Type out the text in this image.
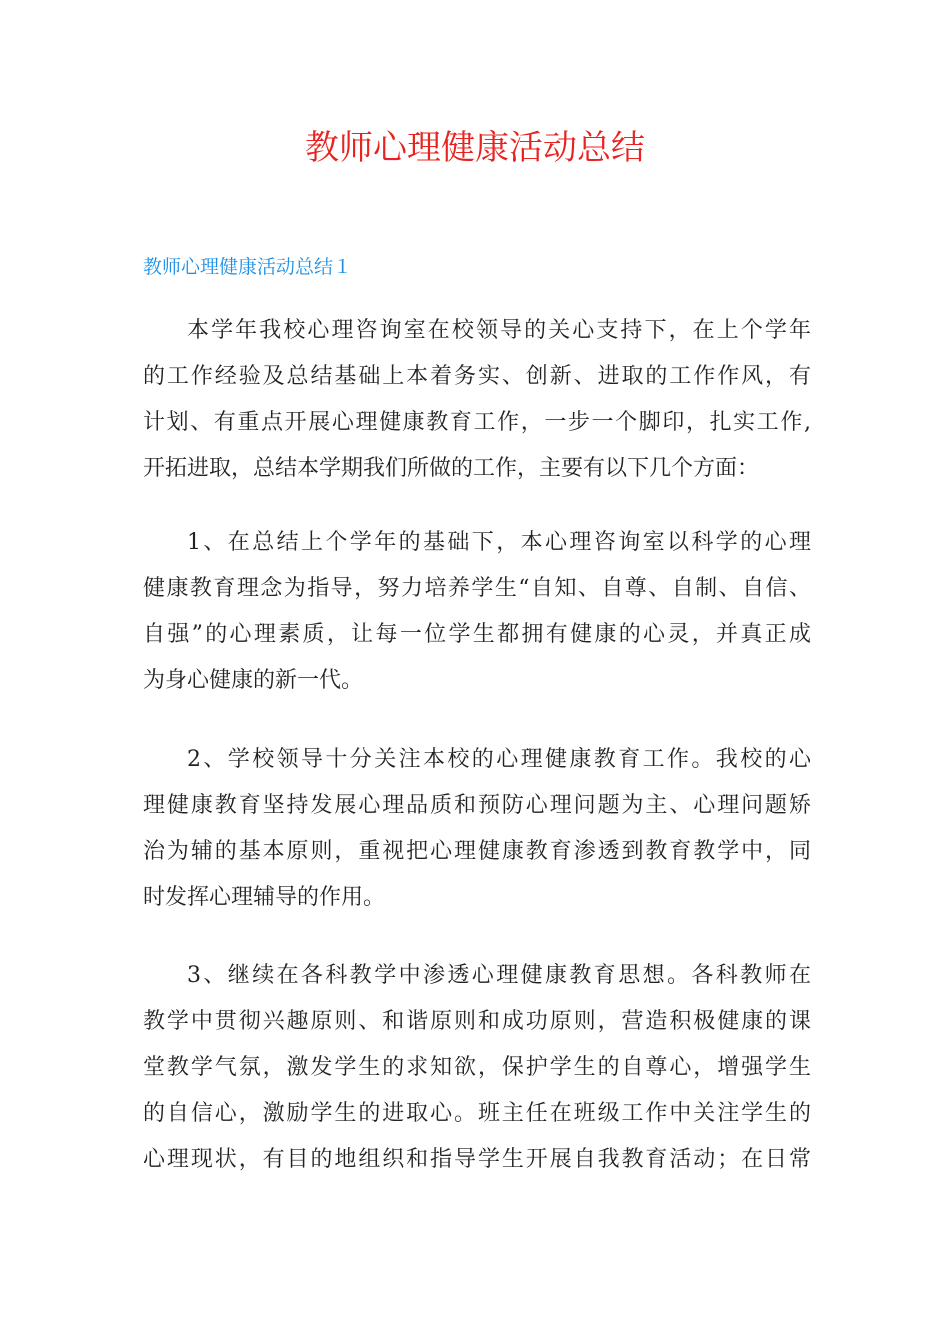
教师心理健康活动总结
教师心理健康活动总结１
本学年我校心理咨询室在校领导的关心支持下，在上个学年
的工作经验及总结基础上本着务实、创新、进取的工作作风，有
计划、有重点开展心理健康教育工作，一步一个脚印，扎实工作,
开拓进取，总结本学期我们所做的工作，主要有以下几个方面：
1、在总结上个学年的基础下，本心理咨询室以科学的心理
健康教育理念为指导，努力培养学生“自知、自尊、自制、自信、
自强”的心理素质，让每一位学生都拥有健康的心灵，并真正成
为身心健康的新一代。
2、学校领导十分关注本校的心理健康教育工作。我校的心
理健康教育坚持发展心理品质和预防心理问题为主、心理问题矫
治为辅的基本原则，重视把心理健康教育渗透到教育教学中，同
时发挥心理辅导的作用。
3、继续在各科教学中渗透心理健康教育思想。各科教师在
教学中贯彻兴趣原则、和谐原则和成功原则，营造积极健康的课
堂教学气氛，激发学生的求知欲，保护学生的自尊心，增强学生
的自信心，激励学生的进取心。班主任在班级工作中关注学生的
心理现状，有目的地组织和指导学生开展自我教育活动；在日常
